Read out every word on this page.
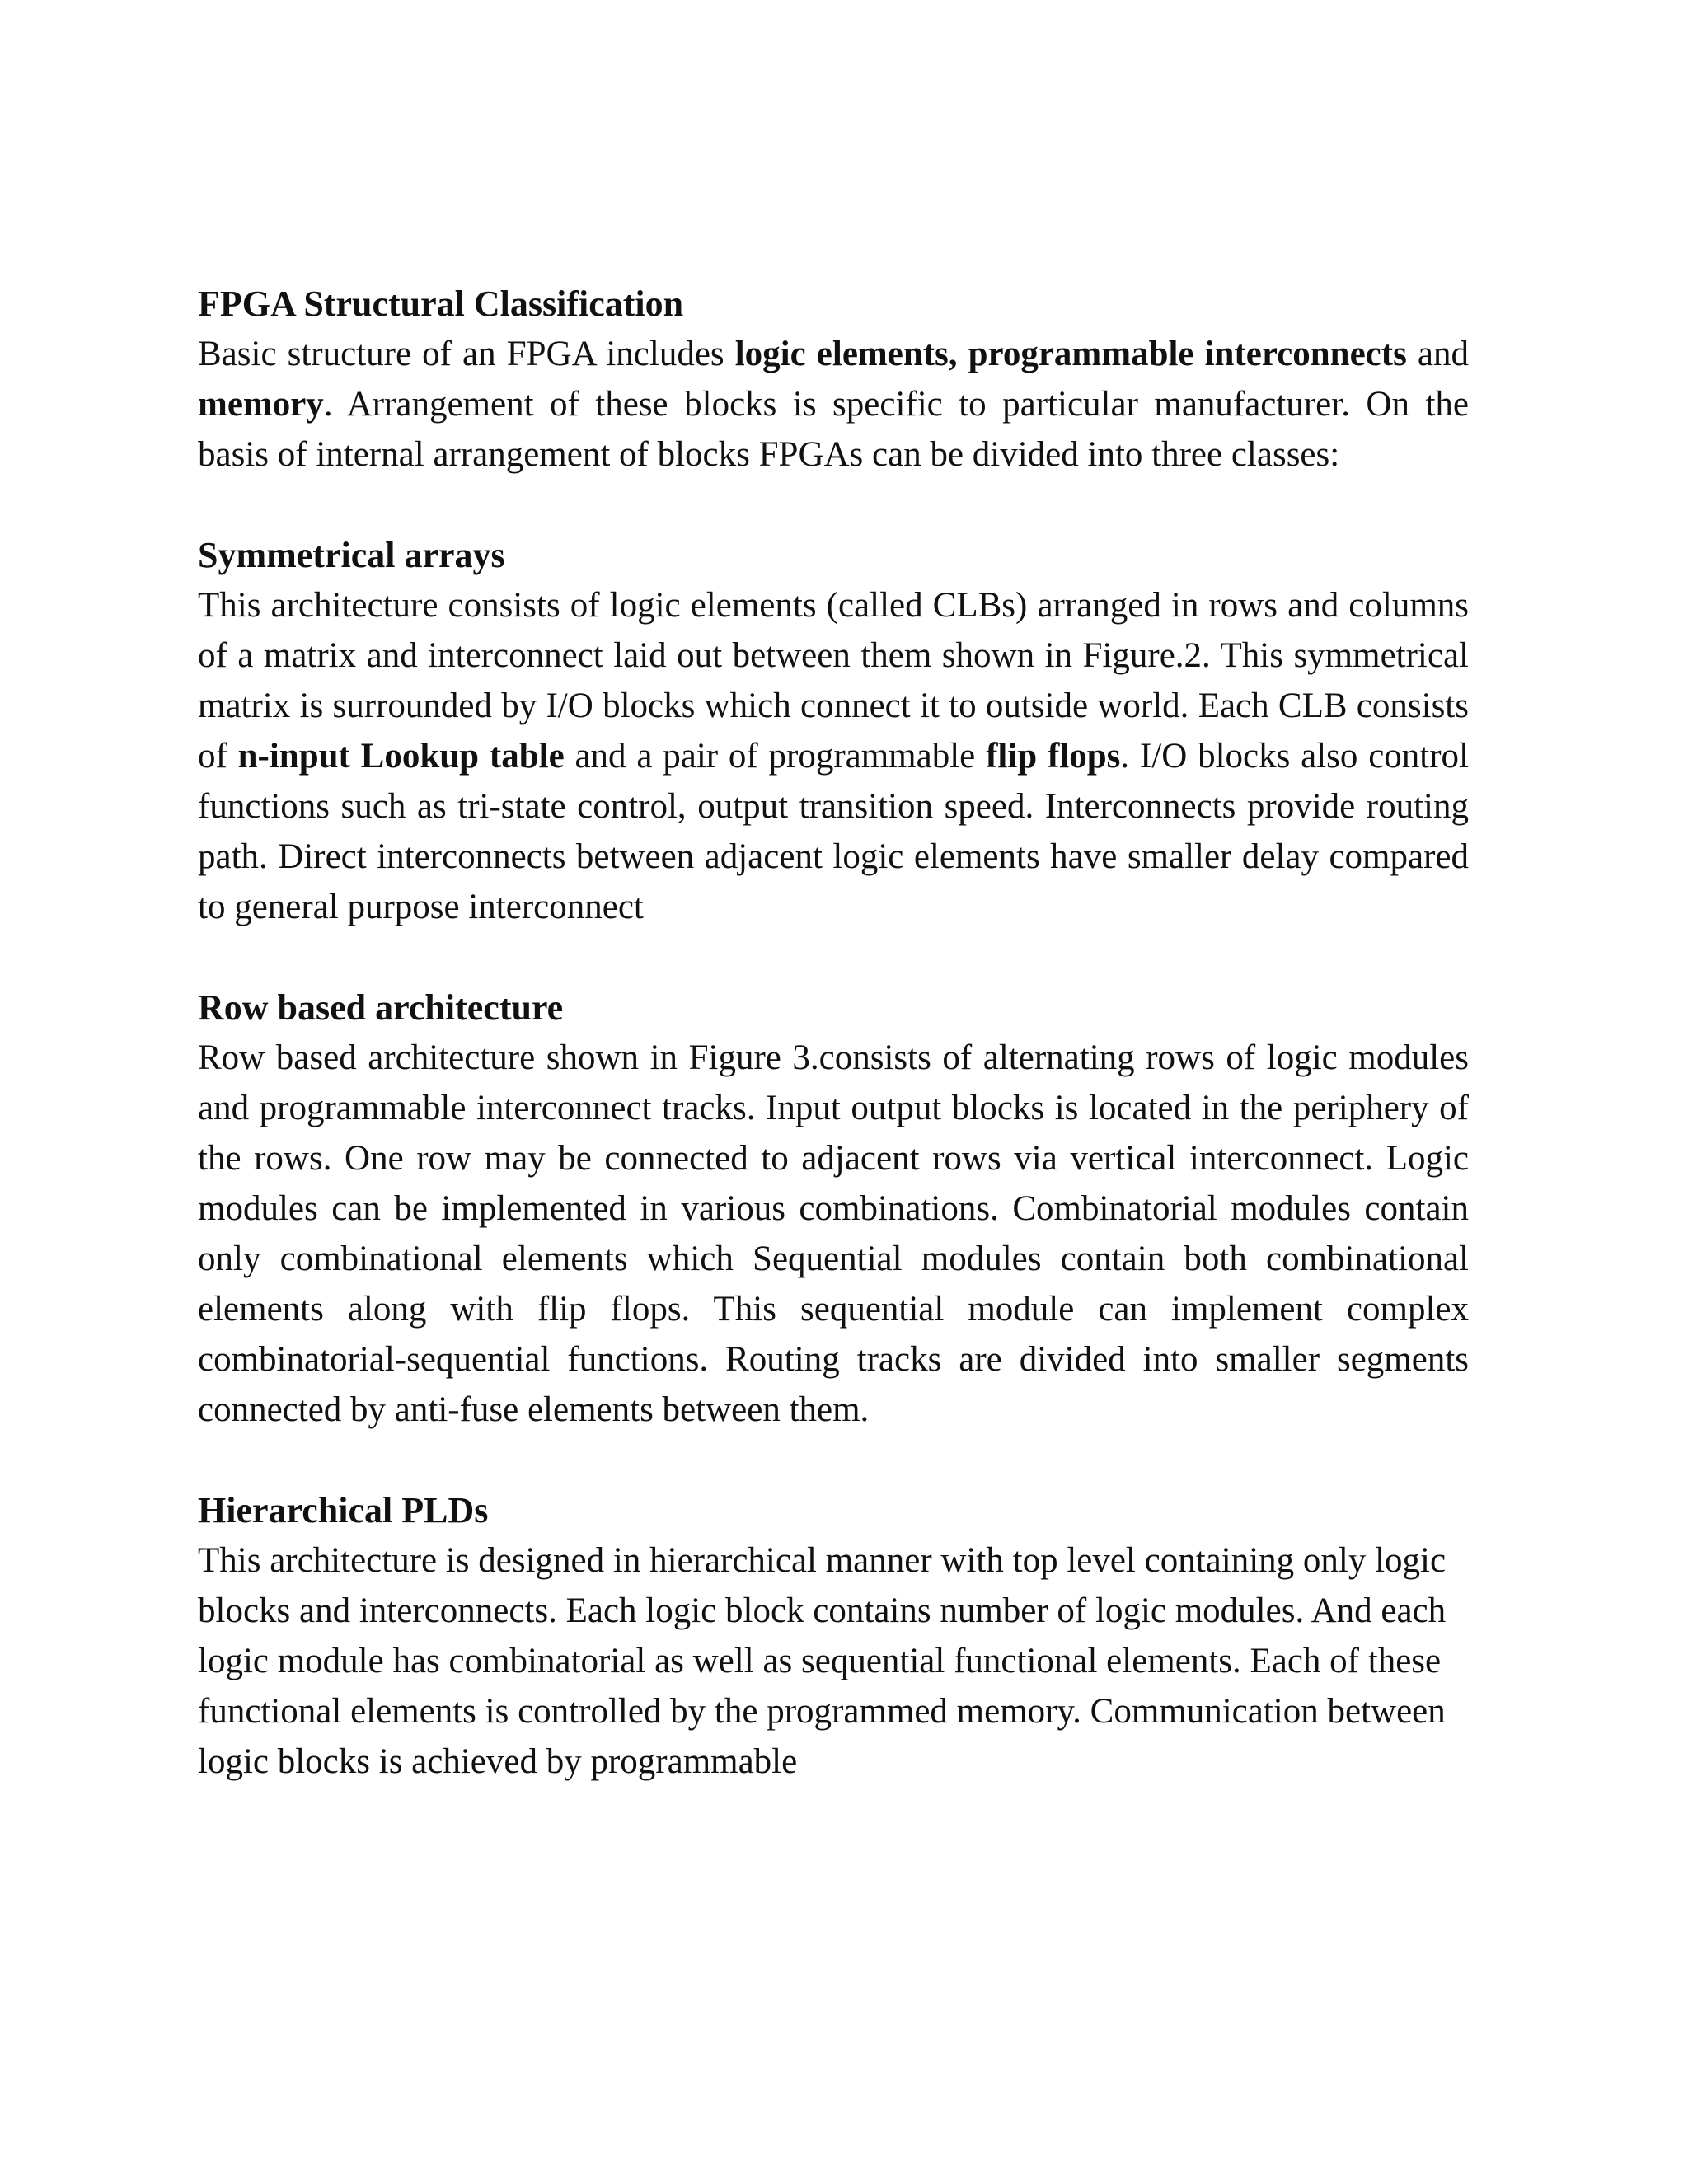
FPGA Structural Classification

Basic structure of an FPGA includes logic elements, programmable interconnects and memory. Arrangement of these blocks is specific to particular manufacturer. On the basis of internal arrangement of blocks FPGAs can be divided into three classes:

Symmetrical arrays

This architecture consists of logic elements (called CLBs) arranged in rows and columns of a matrix and interconnect laid out between them shown in Figure.2. This symmetrical matrix is surrounded by I/O blocks which connect it to outside world. Each CLB consists of n-input Lookup table and a pair of programmable flip flops. I/O blocks also control functions such as tri-state control, output transition speed. Interconnects provide routing path. Direct interconnects between adjacent logic elements have smaller delay compared to general purpose interconnect

Row based architecture

Row based architecture shown in Figure 3.consists of alternating rows of logic modules and programmable interconnect tracks. Input output blocks is located in the periphery of the rows. One row may be connected to adjacent rows via vertical interconnect. Logic modules can be implemented in various combinations. Combinatorial modules contain only combinational elements which Sequential modules contain both combinational elements along with flip flops. This sequential module can implement complex combinatorial-sequential functions. Routing tracks are divided into smaller segments connected by anti-fuse elements between them.

Hierarchical PLDs

This architecture is designed in hierarchical manner with top level containing only logic blocks and interconnects. Each logic block contains number of logic modules. And each logic module has combinatorial as well as sequential functional elements. Each of these functional elements is controlled by the programmed memory. Communication between logic blocks is achieved by programmable
